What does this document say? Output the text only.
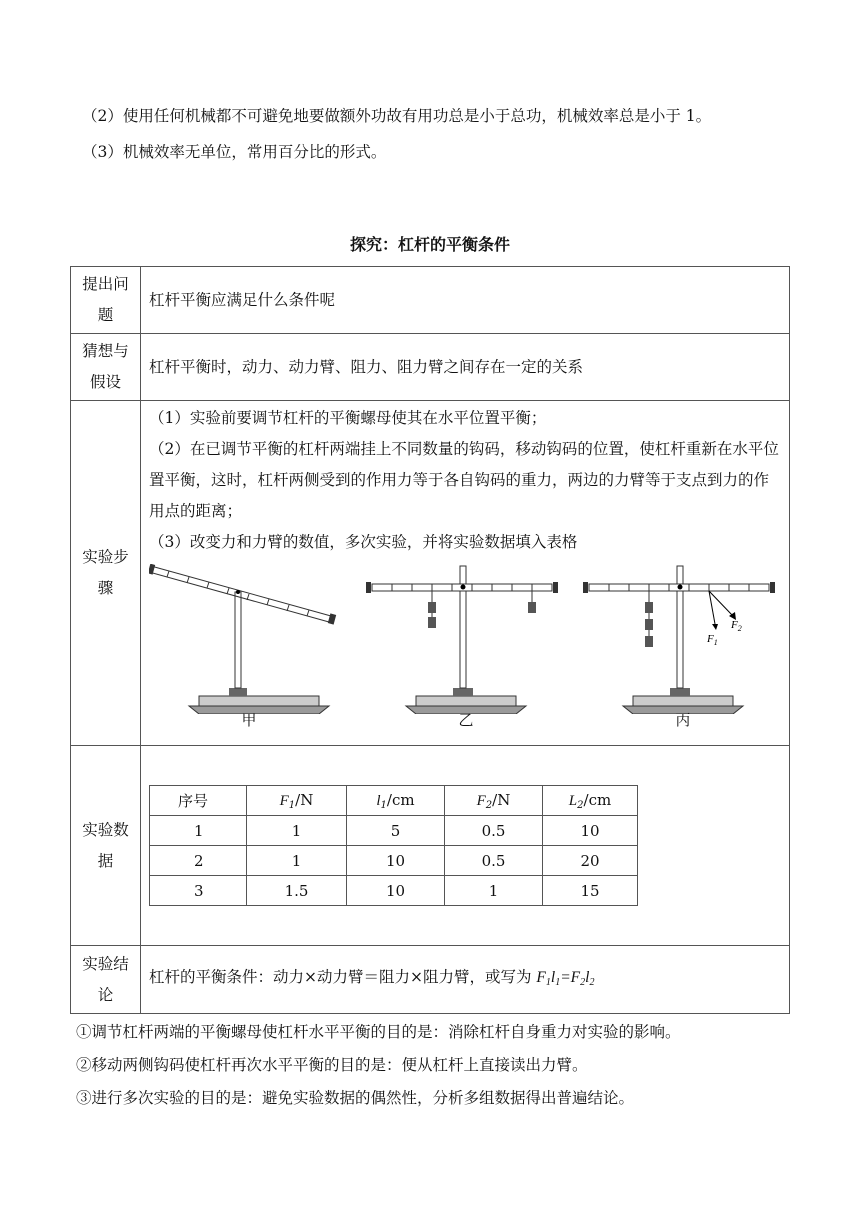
（2）使用任何机械都不可避免地要做额外功故有用功总是小于总功，机械效率总是小于 1。
（3）机械效率无单位，常用百分比的形式。
探究：杠杆的平衡条件
提出问
题
	杠杆平衡应满足什么条件呢

猜想与
假设
	杠杆平衡时，动力、动力臂、阻力、阻力臂之间存在一定的关系

实验步
骤

（1）实验前要调节杠杆的平衡螺母使其在水平位置平衡；

（2）在已调节平衡的杠杆两端挂上不同数量的钩码，移动钩码的位置，使杠杆重新在水平位置平衡，这时，杠杆两侧受到的作用力等于各自钩码的重力，两边的力臂等于支点到力的作用点的距离；

（3）改变力和力臂的数值，多次实验，并将实验数据填入表格

甲	乙
$F_1$
$F_2$
丙

实验数
据

序号	$F_1/N$	$l_1/cm$	$F_2/N$	$L_2/cm$
1	1	5	0.5	10
2	1	10	0.5	20
3	1.5	10	1	15

实验结
论
	杠杆的平衡条件：动力×动力臂＝阻力×阻力臂，或写为 $F_1l_1=F_2l_2$
①调节杠杆两端的平衡螺母使杠杆水平平衡的目的是：消除杠杆自身重力对实验的影响。
②移动两侧钩码使杠杆再次水平平衡的目的是：便从杠杆上直接读出力臂。
③进行多次实验的目的是：避免实验数据的偶然性，分析多组数据得出普遍结论。
